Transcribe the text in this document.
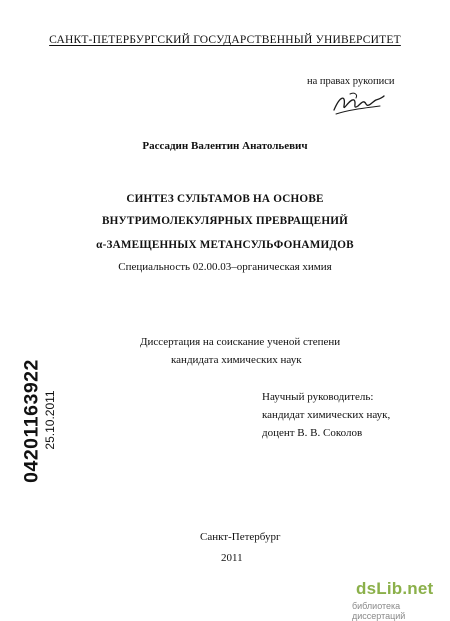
САНКТ-ПЕТЕРБУРГСКИЙ ГОСУДАРСТВЕННЫЙ УНИВЕРСИТЕТ
на правах рукописи
Рассадин Валентин Анатольевич
СИНТЕЗ СУЛЬТАМОВ НА ОСНОВЕ
ВНУТРИМОЛЕКУЛЯРНЫХ ПРЕВРАЩЕНИЙ
α-ЗАМЕЩЕННЫХ МЕТАНСУЛЬФОНАМИДОВ
Специальность 02.00.03–органическая химия
Диссертация на соискание ученой степени
кандидата химических наук
Научный руководитель:
кандидат химических наук,
доцент В. В. Соколов
04201163922 25.10.2011
Санкт-Петербург
2011
dsLib.net
библиотека диссертаций
